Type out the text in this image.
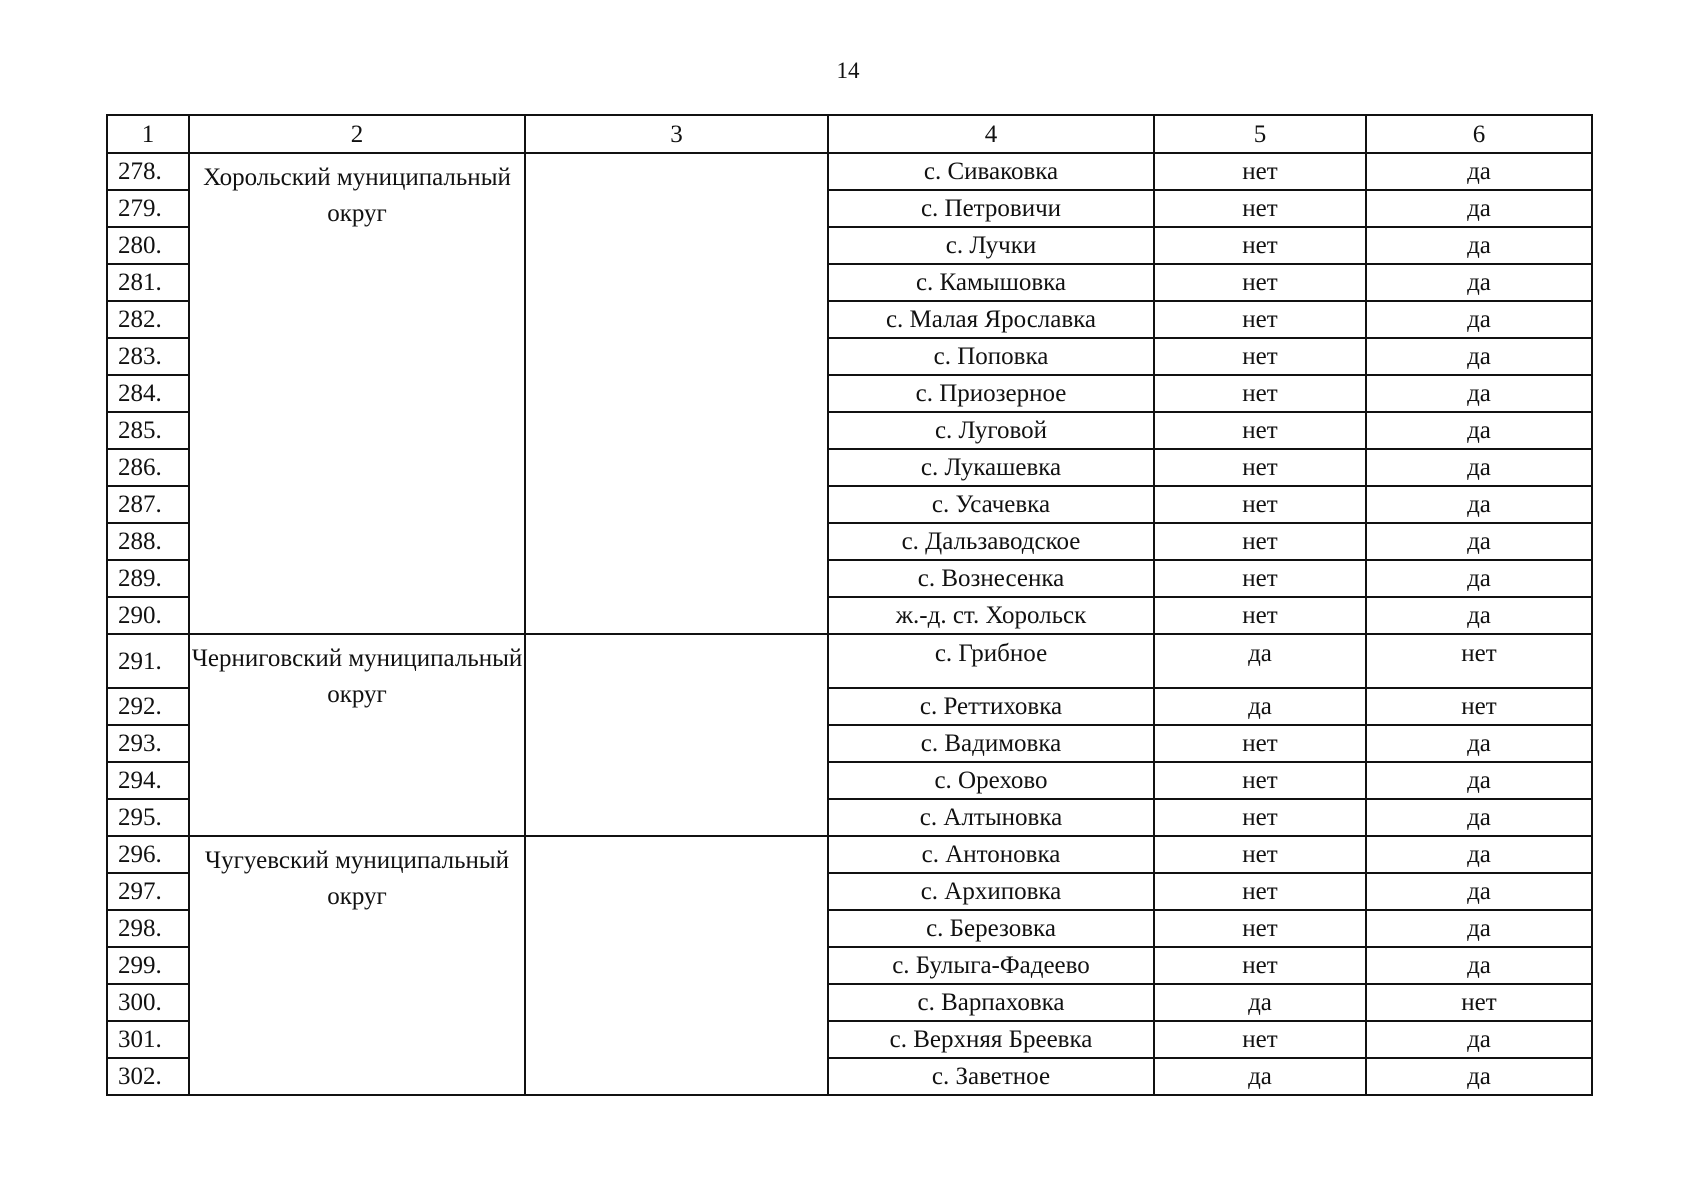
14
1	2	3	4	5	6
278.	Хорольский муниципальный округ		с. Сиваковка	нет	да
279.			с. Петровичи	нет	да
280.			с. Лучки	нет	да
281.			с. Камышовка	нет	да
282.			с. Малая Ярославка	нет	да
283.			с. Поповка	нет	да
284.			с. Приозерное	нет	да
285.			с. Луговой	нет	да
286.			с. Лукашевка	нет	да
287.			с. Усачевка	нет	да
288.			с. Дальзаводское	нет	да
289.			с. Вознесенка	нет	да
290.			ж.-д. ст. Хорольск	нет	да
291.	Черниговский муниципальный округ		с. Грибное	да	нет
292.			с. Реттиховка	да	нет
293.			с. Вадимовка	нет	да
294.			с. Орехово	нет	да
295.			с. Алтыновка	нет	да
296.	Чугуевский муниципальный округ		с. Антоновка	нет	да
297.			с. Архиповка	нет	да
298.			с. Березовка	нет	да
299.			с. Булыга-Фадеево	нет	да
300.			с. Варпаховка	да	нет
301.			с. Верхняя Бреевка	нет	да
302.			с. Заветное	да	да
